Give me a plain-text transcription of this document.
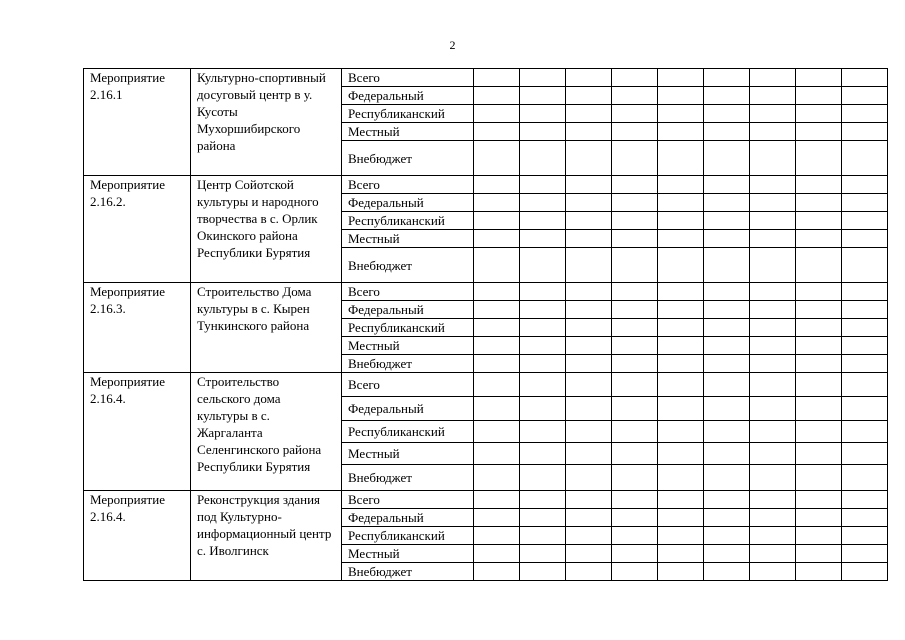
2
Мероприятие 2.16.1	Культурно-спортивный досуговый центр в у. Кусоты Мухоршибирского района	Всего									
		Федеральный									
		Республиканский									
		Местный									
		Внебюджет									
Мероприятие 2.16.2.	Центр Сойотской культуры и народного творчества в с. Орлик Окинского района Республики Бурятия	Всего									
		Федеральный									
		Республиканский									
		Местный									
		Внебюджет									
Мероприятие 2.16.3.	Строительство Дома культуры в с. Кырен Тункинского района	Всего									
		Федеральный									
		Республиканский									
		Местный									
		Внебюджет									
Мероприятие 2.16.4.	Строительство сельского дома культуры в с. Жаргаланта Селенгинского района Республики Бурятия	Всего									
		Федеральный									
		Республиканский									
		Местный									
		Внебюджет									
Мероприятие 2.16.4.	Реконструкция здания под Культурно-информационный центр с. Иволгинск	Всего									
		Федеральный									
		Республиканский									
		Местный									
		Внебюджет									
